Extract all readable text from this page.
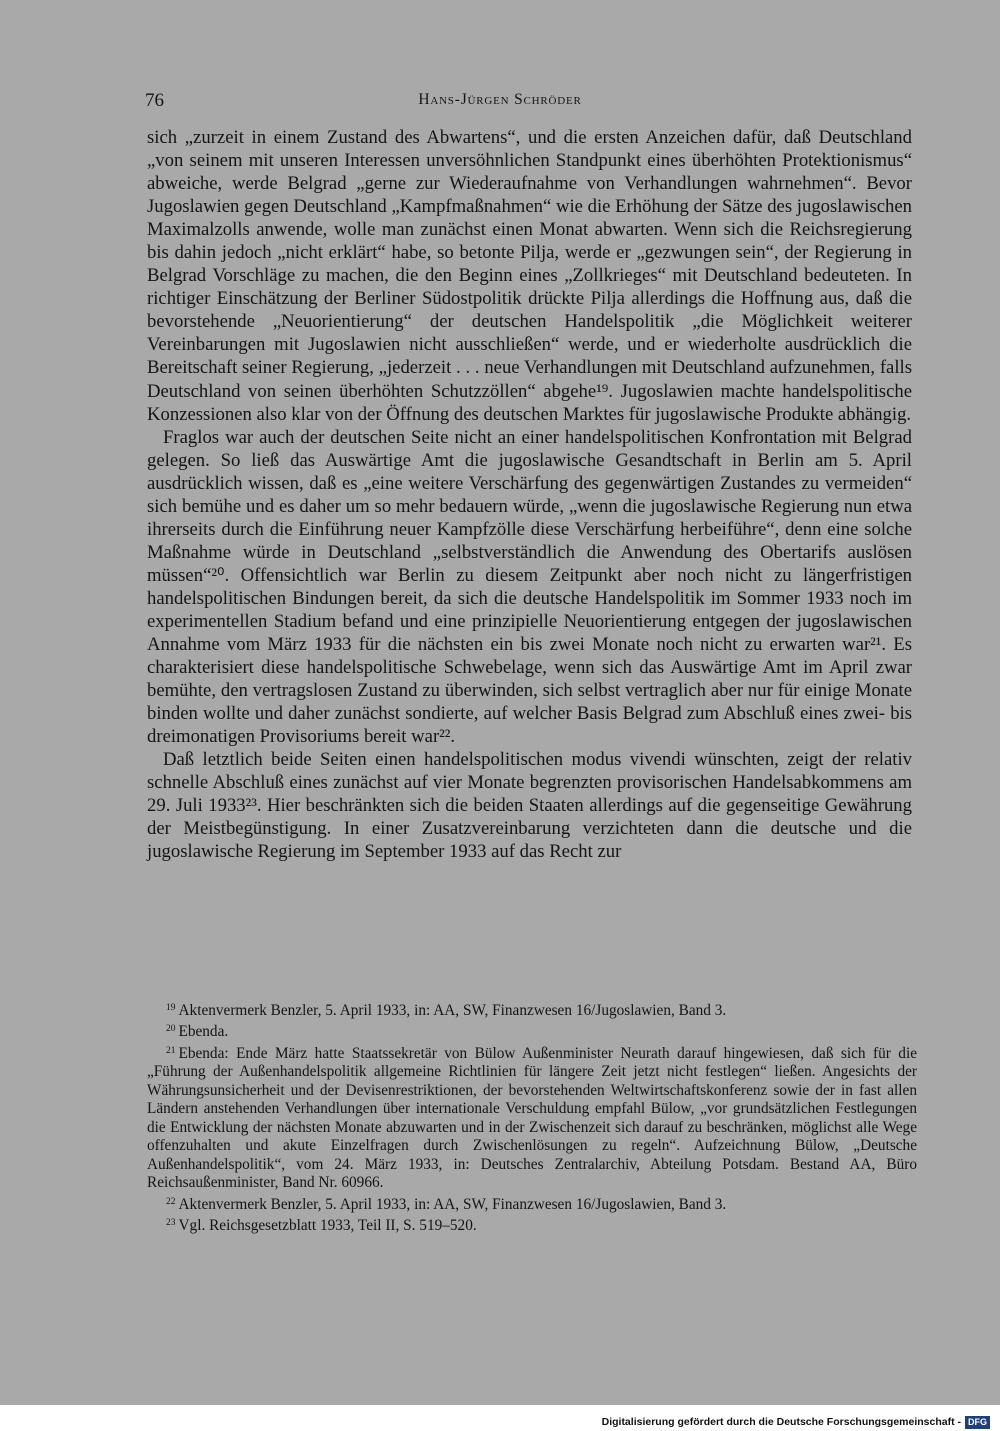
76	Hans-Jürgen Schröder

sich „zurzeit in einem Zustand des Abwartens“, und die ersten Anzeichen dafür, daß Deutschland „von seinem mit unseren Interessen unversöhnlichen Standpunkt eines überhöhten Protektionismus“ abweiche, werde Belgrad „gerne zur Wiederaufnahme von Verhandlungen wahrnehmen“. Bevor Jugoslawien gegen Deutschland „Kampfmaßnahmen“ wie die Erhöhung der Sätze des jugoslawischen Maximalzolls anwende, wolle man zunächst einen Monat abwarten. Wenn sich die Reichsregierung bis dahin jedoch „nicht erklärt“ habe, so betonte Pilja, werde er „gezwungen sein“, der Regierung in Belgrad Vorschläge zu machen, die den Beginn eines „Zollkrieges“ mit Deutschland bedeuteten. In richtiger Einschätzung der Berliner Südostpolitik drückte Pilja allerdings die Hoffnung aus, daß die bevorstehende „Neuorientierung“ der deutschen Handelspolitik „die Möglichkeit weiterer Vereinbarungen mit Jugoslawien nicht ausschließen“ werde, und er wiederholte ausdrücklich die Bereitschaft seiner Regierung, „jederzeit . . . neue Verhandlungen mit Deutschland aufzunehmen, falls Deutschland von seinen überhöhten Schutzzöllen“ abgehe¹⁹. Jugoslawien machte handelspolitische Konzessionen also klar von der Öffnung des deutschen Marktes für jugoslawische Produkte abhängig.

Fraglos war auch der deutschen Seite nicht an einer handelspolitischen Konfrontation mit Belgrad gelegen. So ließ das Auswärtige Amt die jugoslawische Gesandtschaft in Berlin am 5. April ausdrücklich wissen, daß es „eine weitere Verschärfung des gegenwärtigen Zustandes zu vermeiden“ sich bemühe und es daher um so mehr bedauern würde, „wenn die jugoslawische Regierung nun etwa ihrerseits durch die Einführung neuer Kampfzölle diese Verschärfung herbeiführe“, denn eine solche Maßnahme würde in Deutschland „selbstverständlich die Anwendung des Obertarifs auslösen müssen“²⁰. Offensichtlich war Berlin zu diesem Zeitpunkt aber noch nicht zu längerfristigen handelspolitischen Bindungen bereit, da sich die deutsche Handelspolitik im Sommer 1933 noch im experimentellen Stadium befand und eine prinzipielle Neuorientierung entgegen der jugoslawischen Annahme vom März 1933 für die nächsten ein bis zwei Monate noch nicht zu erwarten war²¹. Es charakterisiert diese handelspolitische Schwebelage, wenn sich das Auswärtige Amt im April zwar bemühte, den vertragslosen Zustand zu überwinden, sich selbst vertraglich aber nur für einige Monate binden wollte und daher zunächst sondierte, auf welcher Basis Belgrad zum Abschluß eines zwei- bis dreimonatigen Provisoriums bereit war²².

Daß letztlich beide Seiten einen handelspolitischen modus vivendi wünschten, zeigt der relativ schnelle Abschluß eines zunächst auf vier Monate begrenzten provisorischen Handelsabkommens am 29. Juli 1933²³. Hier beschränkten sich die beiden Staaten allerdings auf die gegenseitige Gewährung der Meistbegünstigung. In einer Zusatzvereinbarung verzichteten dann die deutsche und die jugoslawische Regierung im September 1933 auf das Recht zur

$^{19}$ Aktenvermerk Benzler, 5. April 1933, in: AA, SW, Finanzwesen 16/Jugoslawien, Band 3.

$^{20}$ Ebenda.

$^{21}$ Ebenda: Ende März hatte Staatssekretär von Bülow Außenminister Neurath darauf hingewiesen, daß sich für die „Führung der Außenhandelspolitik allgemeine Richtlinien für längere Zeit jetzt nicht festlegen“ ließen. Angesichts der Währungsunsicherheit und der Devisenrestriktionen, der bevorstehenden Weltwirtschaftskonferenz sowie der in fast allen Ländern anstehenden Verhandlungen über internationale Verschuldung empfahl Bülow, „vor grundsätzlichen Festlegungen die Entwicklung der nächsten Monate abzuwarten und in der Zwischenzeit sich darauf zu beschränken, möglichst alle Wege offenzuhalten und akute Einzelfragen durch Zwischenlösungen zu regeln“. Aufzeichnung Bülow, „Deutsche Außenhandelspolitik“, vom 24. März 1933, in: Deutsches Zentralarchiv, Abteilung Potsdam. Bestand AA, Büro Reichsaußenminister, Band Nr. 60966.

$^{22}$ Aktenvermerk Benzler, 5. April 1933, in: AA, SW, Finanzwesen 16/Jugoslawien, Band 3.

$^{23}$ Vgl. Reichsgesetzblatt 1933, Teil II, S. 519–520.

Digitalisierung gefördert durch die Deutsche Forschungsgemeinschaft - DFG
